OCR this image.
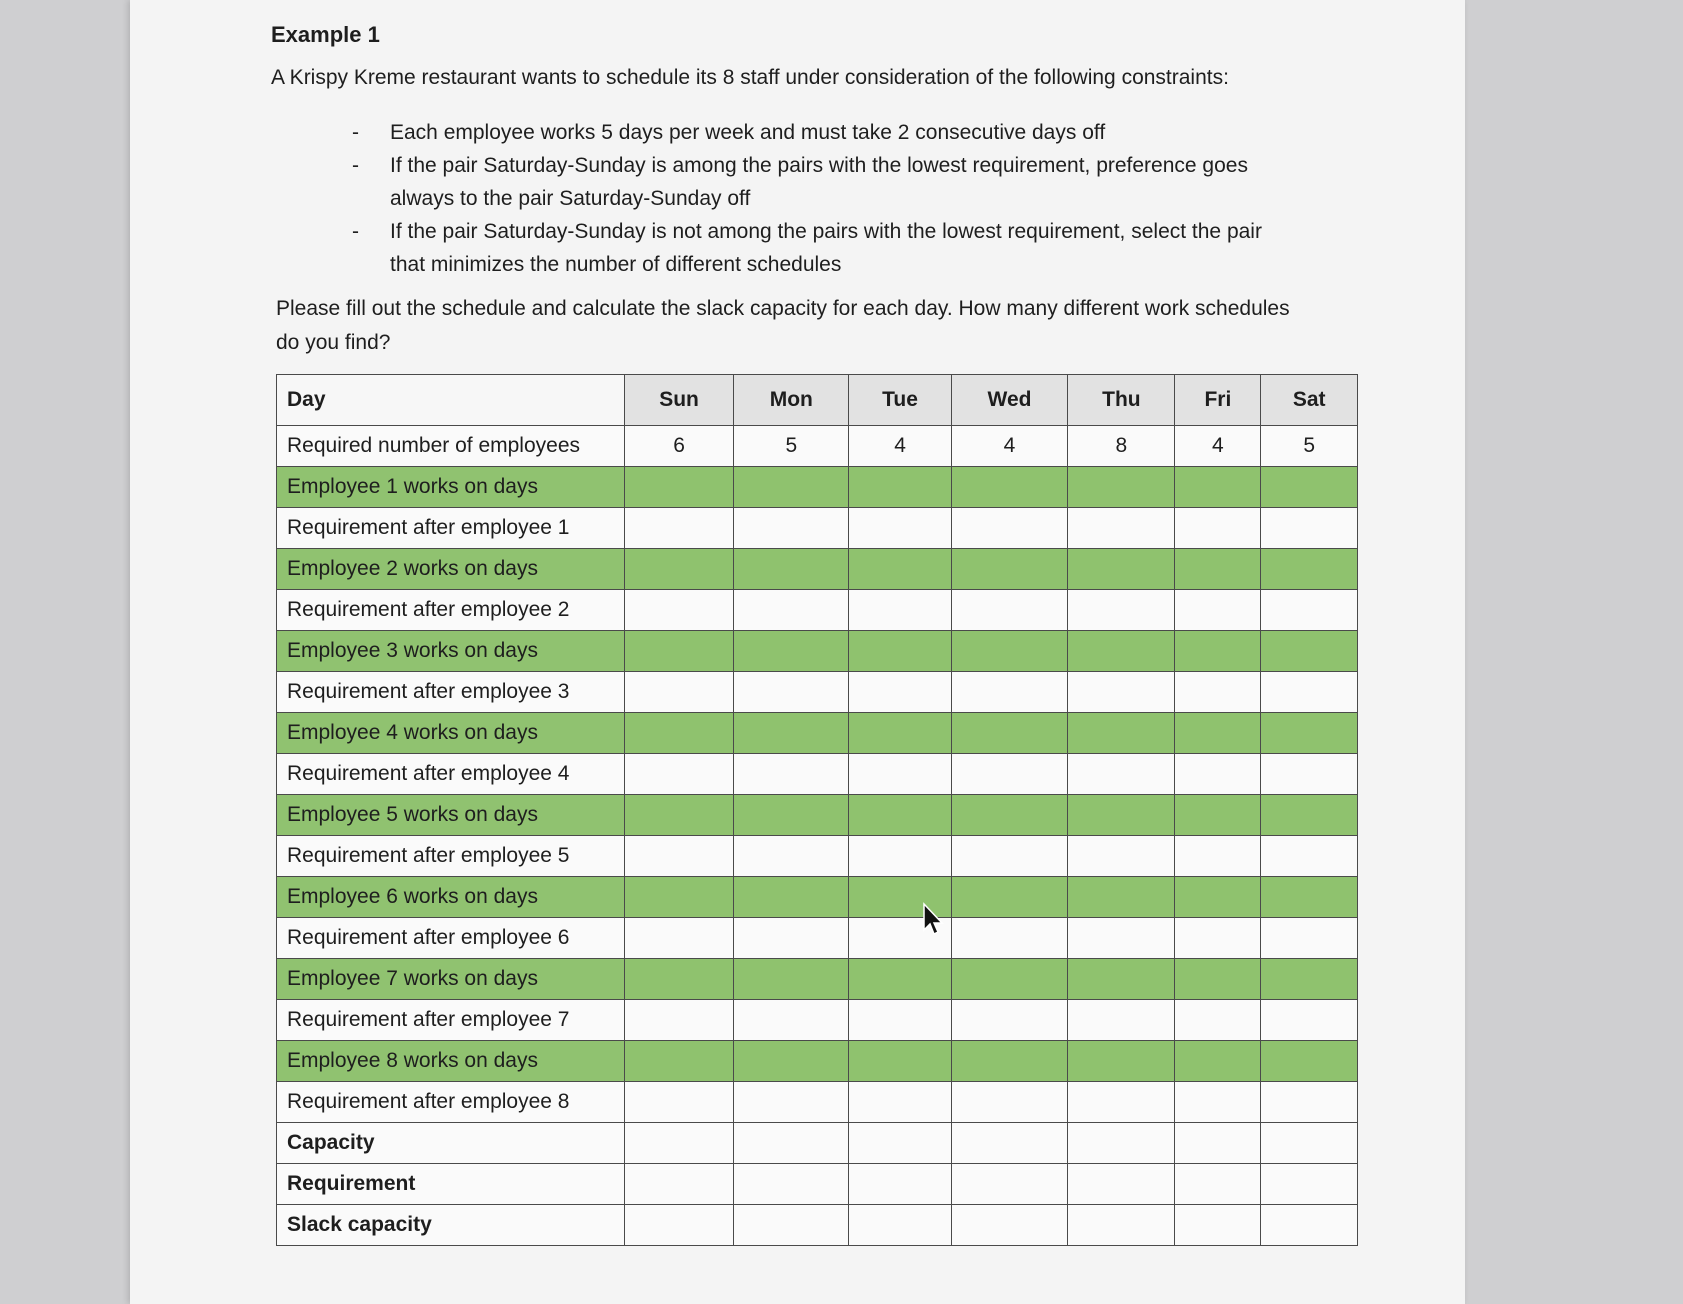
Example 1

A Krispy Kreme restaurant wants to schedule its 8 staff under consideration of the following constraints:

- Each employee works 5 days per week and must take 2 consecutive days off
- If the pair Saturday-Sunday is among the pairs with the lowest requirement, preference goes always to the pair Saturday-Sunday off
- If the pair Saturday-Sunday is not among the pairs with the lowest requirement, select the pair that minimizes the number of different schedules

Please fill out the schedule and calculate the slack capacity for each day. How many different work schedules do you find?

Day	Sun	Mon	Tue	Wed	Thu	Fri	Sat
Required number of employees	6	5	4	4	8	4	5
Employee 1 works on days							
Requirement after employee 1							
Employee 2 works on days							
Requirement after employee 2							
Employee 3 works on days							
Requirement after employee 3							
Employee 4 works on days							
Requirement after employee 4							
Employee 5 works on days							
Requirement after employee 5							
Employee 6 works on days							
Requirement after employee 6							
Employee 7 works on days							
Requirement after employee 7							
Employee 8 works on days							
Requirement after employee 8							
Capacity							
Requirement							
Slack capacity							
